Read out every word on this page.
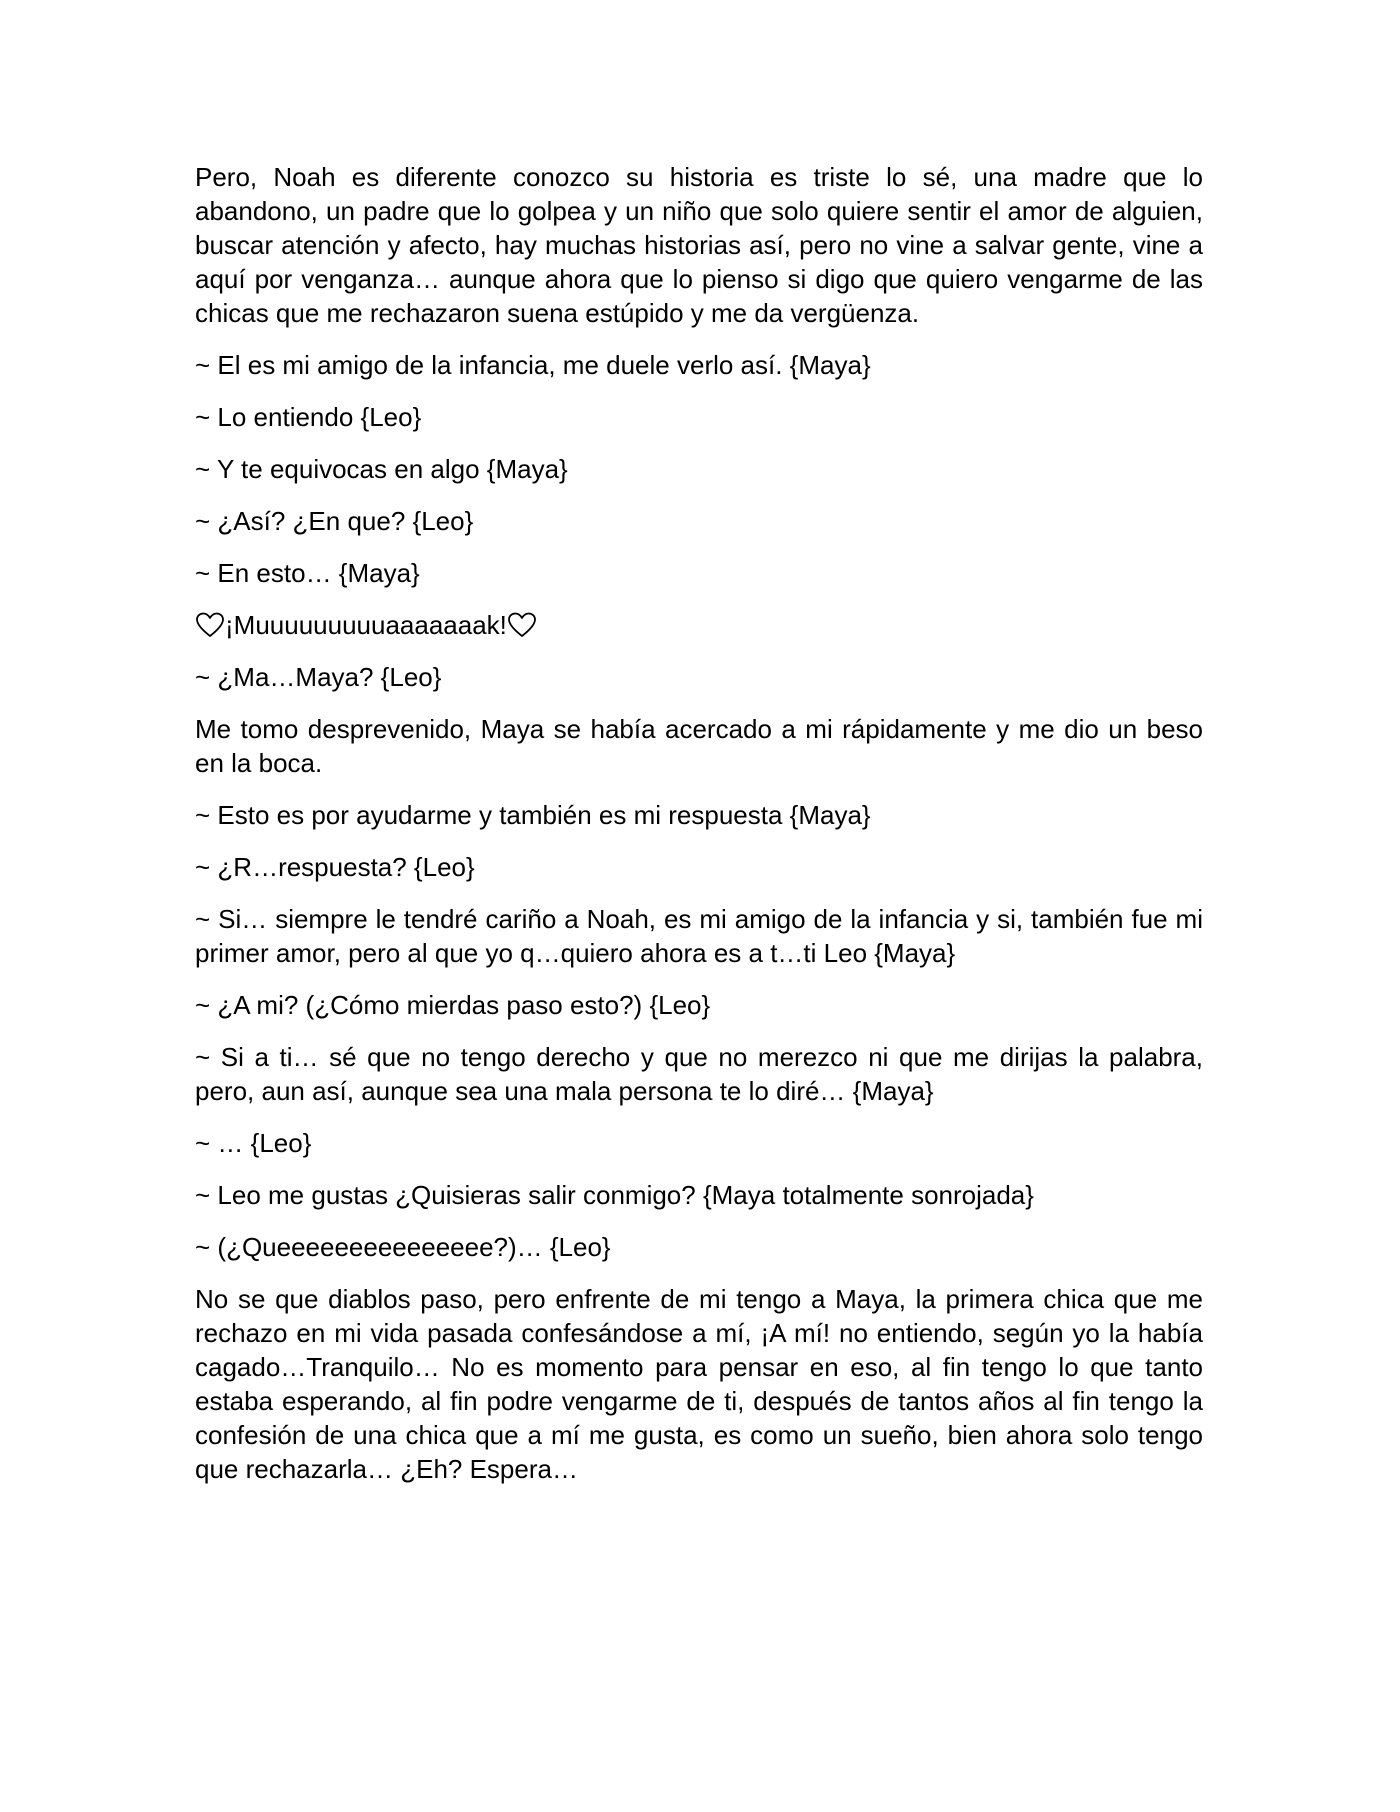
Pero, Noah es diferente conozco su historia es triste lo sé, una madre que lo abandono, un padre que lo golpea y un niño que solo quiere sentir el amor de alguien, buscar atención y afecto, hay muchas historias así, pero no vine a salvar gente, vine a aquí por venganza… aunque ahora que lo pienso si digo que quiero vengarme de las chicas que me rechazaron suena estúpido y me da vergüenza.

~ El es mi amigo de la infancia, me duele verlo así. {Maya}

~ Lo entiendo {Leo}

~ Y te equivocas en algo {Maya}

~ ¿Así? ¿En que? {Leo}

~ En esto… {Maya}

¡Muuuuuuuuuaaaaaaak!

~ ¿Ma…Maya? {Leo}

Me tomo desprevenido, Maya se había acercado a mi rápidamente y me dio un beso en la boca.

~ Esto es por ayudarme y también es mi respuesta {Maya}

~ ¿R…respuesta? {Leo}

~ Si… siempre le tendré cariño a Noah, es mi amigo de la infancia y si, también fue mi primer amor, pero al que yo q…quiero ahora es a t…ti Leo {Maya}

~ ¿A mi? (¿Cómo mierdas paso esto?) {Leo}

~ Si a ti… sé que no tengo derecho y que no merezco ni que me dirijas la palabra, pero, aun así, aunque sea una mala persona te lo diré… {Maya}

~ … {Leo}

~ Leo me gustas ¿Quisieras salir conmigo? {Maya totalmente sonrojada}

~ (¿Queeeeeeeeeeeeeee?)… {Leo}

No se que diablos paso, pero enfrente de mi tengo a Maya, la primera chica que me rechazo en mi vida pasada confesándose a mí, ¡A mí! no entiendo, según yo la había cagado…Tranquilo… No es momento para pensar en eso, al fin tengo lo que tanto estaba esperando, al fin podre vengarme de ti, después de tantos años al fin tengo la confesión de una chica que a mí me gusta, es como un sueño, bien ahora solo tengo que rechazarla… ¿Eh? Espera…
